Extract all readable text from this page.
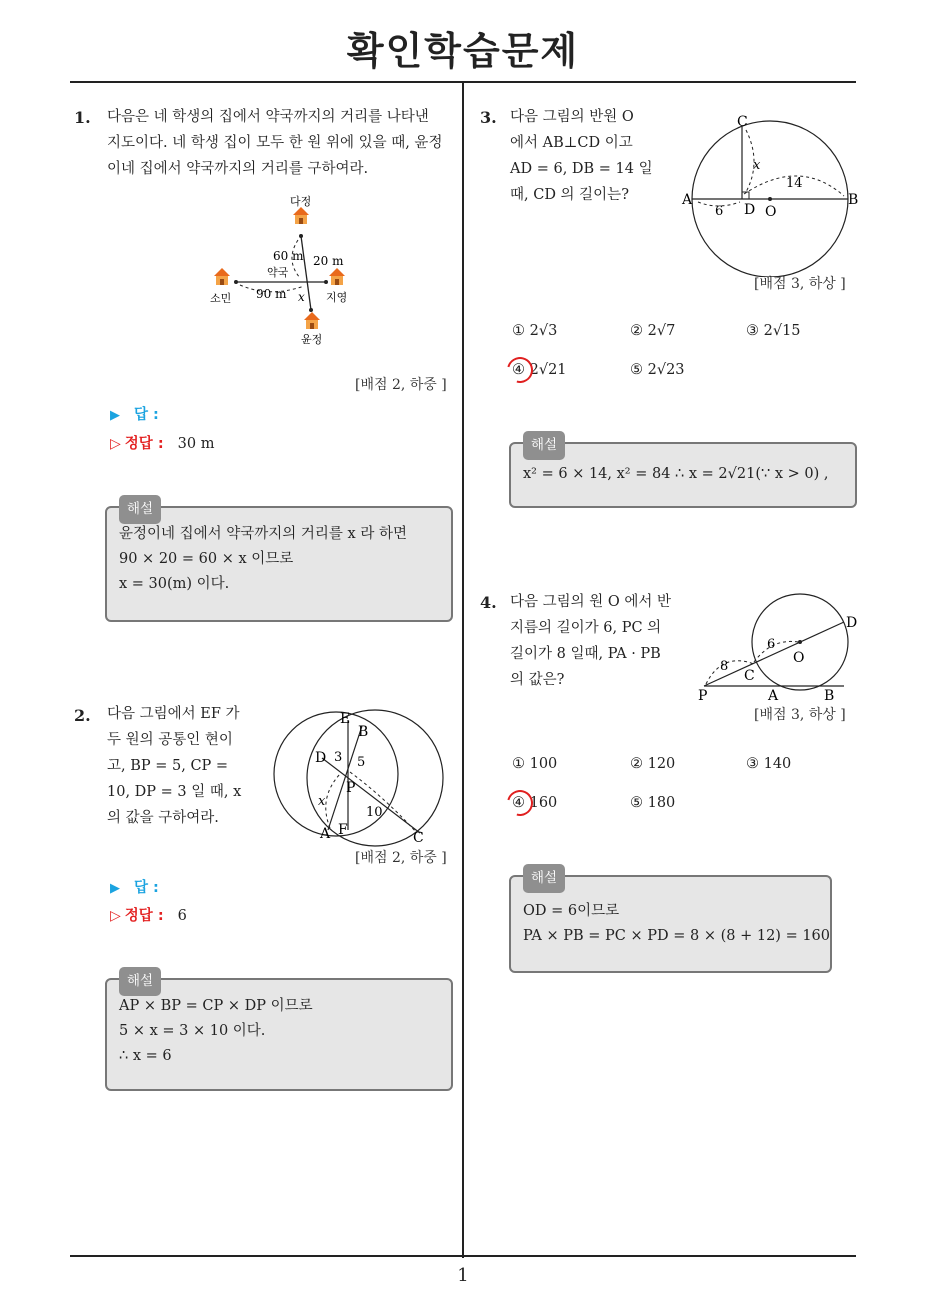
확인학습문제
1
1. 다음은 네 학생의 집에서 약국까지의 거리를 나타낸
지도이다. 네 학생 집이 모두 한 원 위에 있을 때, 윤정
이네 집에서 약국까지의 거리를 구하여라.
다정
소민	지영
윤정
약국
60 m 20 m
90 m x
[배점 2, 하중 ]
▶ 답 :
▷ 정답 : 30 m
해설
윤정이네 집에서 약국까지의 거리를 x 라 하면
90 × 20 = 60 × x 이므로
x = 30(m) 이다.
2. 다음 그림에서 EF 가
두 원의 공통인 현이
고, BP = 5, CP =
10, DP = 3 일 때, x
의 값을 구하여라.
E
B
D 3 5
P
x
10
A F	C
[배점 2, 하중 ]
▶ 답 :
▷ 정답 : 6
해설
AP × BP = CP × DP 이므로
5 × x = 3 × 10 이다.
∴ x = 6
3. 다음 그림의 반원 O
에서 AB⊥CD 이고
AD = 6, DB = 14 일
때, CD 의 길이는?
C
A	B
D O
6
14
x
[배점 3, 하상 ]
① 2√3	② 2√7	③ 2√15
④ 2√21	⑤ 2√23
해설
x² = 6 × 14, x² = 84 ∴ x = 2√21(∵ x > 0) ,
4. 다음 그림의 원 O 에서 반
지름의 길이가 6, PC 의
길이가 8 일때, PA · PB
의 값은?
D
O
6
8
C
P	A	B
[배점 3, 하상 ]
① 100	② 120	③ 140
④ 160	⑤ 180
해설
OD = 6이므로
PA × PB = PC × PD = 8 × (8 + 12) = 160
